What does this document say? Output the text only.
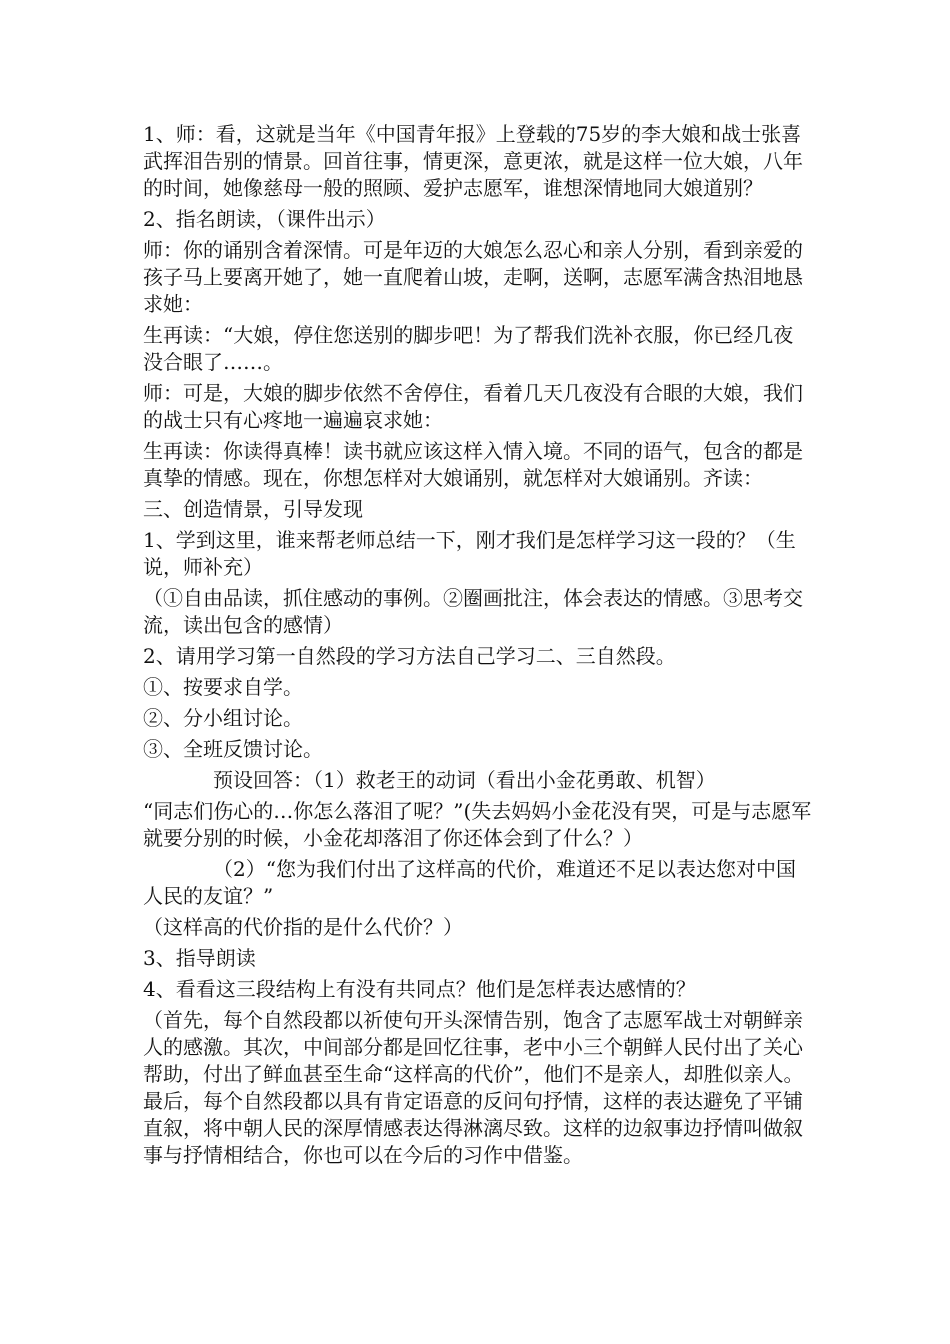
1、师：看，这就是当年《中国青年报》上登载的75岁的李大娘和战士张喜武挥泪告别的情景。回首往事，情更深，意更浓，就是这样一位大娘，八年的时间，她像慈母一般的照顾、爱护志愿军，谁想深情地同大娘道别？

2、指名朗读，（课件出示）

师：你的诵别含着深情。可是年迈的大娘怎么忍心和亲人分别，看到亲爱的孩子马上要离开她了，她一直爬着山坡，走啊，送啊，志愿军满含热泪地恳求她：

生再读：“大娘，停住您送别的脚步吧！为了帮我们洗补衣服，你已经几夜没合眼了……。

师：可是，大娘的脚步依然不舍停住，看着几天几夜没有合眼的大娘，我们的战士只有心疼地一遍遍哀求她：

生再读：你读得真棒！读书就应该这样入情入境。不同的语气，包含的都是真挚的情感。现在，你想怎样对大娘诵别，就怎样对大娘诵别。齐读：

三、创造情景，引导发现

1、学到这里，谁来帮老师总结一下，刚才我们是怎样学习这一段的？（生说，师补充）

（①自由品读，抓住感动的事例。②圈画批注，体会表达的情感。③思考交流，读出包含的感情）

2、请用学习第一自然段的学习方法自己学习二、三自然段。

①、按要求自学。

②、分小组讨论。

③、全班反馈讨论。

预设回答：（1）救老王的动词（看出小金花勇敢、机智）

“同志们伤心的…你怎么落泪了呢？”(失去妈妈小金花没有哭，可是与志愿军就要分别的时候，小金花却落泪了你还体会到了什么？）

（2）“您为我们付出了这样高的代价，难道还不足以表达您对中国人民的友谊？”

（这样高的代价指的是什么代价？）

3、指导朗读

4、看看这三段结构上有没有共同点？他们是怎样表达感情的？

（首先，每个自然段都以祈使句开头深情告别，饱含了志愿军战士对朝鲜亲人的感激。其次，中间部分都是回忆往事，老中小三个朝鲜人民付出了关心帮助，付出了鲜血甚至生命“这样高的代价”，他们不是亲人，却胜似亲人。最后，每个自然段都以具有肯定语意的反问句抒情，这样的表达避免了平铺直叙，将中朝人民的深厚情感表达得淋漓尽致。这样的边叙事边抒情叫做叙事与抒情相结合，你也可以在今后的习作中借鉴。
